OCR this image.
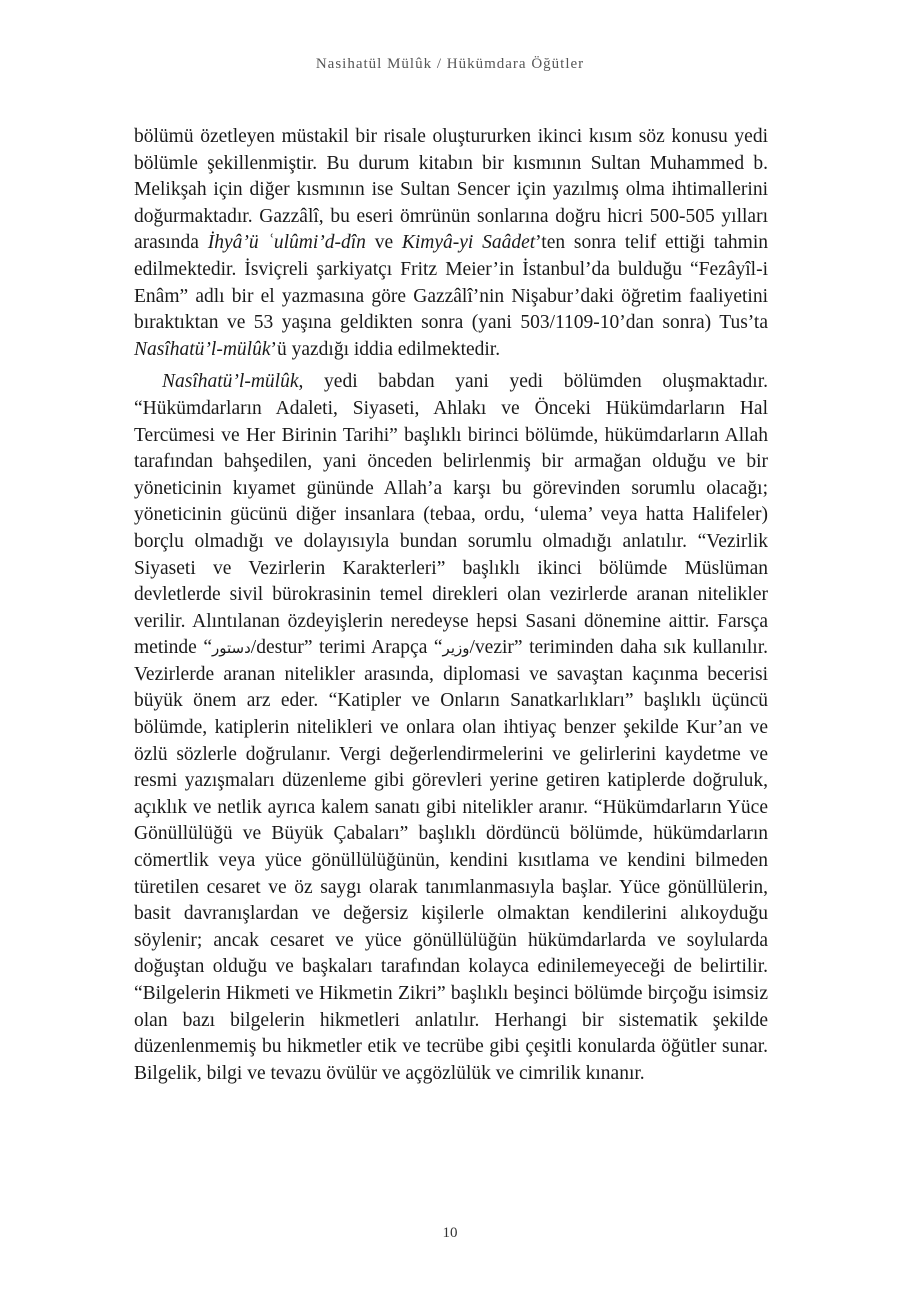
Nasihatül Mülûk / Hükümdara Öğütler

bölümü özetleyen müstakil bir risale oluştururken ikinci kısım söz konusu yedi bölümle şekillenmiştir. Bu durum kitabın bir kısmının Sultan Muhammed b. Melikşah için diğer kısmının ise Sultan Sencer için yazılmış olma ihtimallerini doğurmaktadır. Gazzâlî, bu eseri ömrünün sonlarına doğru hicri 500-505 yılları arasında İhyâ’ü ʿulûmi’d-dîn ve Kimyâ-yi Saâdet’ten sonra telif ettiği tahmin edilmektedir. İsviçreli şarkiyatçı Fritz Meier’in İstanbul’da bulduğu “Fezâyîl-i Enâm” adlı bir el yazmasına göre Gazzâlî’nin Nişabur’daki öğretim faaliyetini bıraktıktan ve 53 yaşına geldikten sonra (yani 503/1109-10’dan sonra) Tus’ta Nasîhatü’l-mülûk’ü yazdığı iddia edilmektedir.

Nasîhatü’l-mülûk, yedi babdan yani yedi bölümden oluşmaktadır. “Hükümdarların Adaleti, Siyaseti, Ahlakı ve Önceki Hükümdarların Hal Tercümesi ve Her Birinin Tarihi” başlıklı birinci bölümde, hükümdarların Allah tarafından bahşedilen, yani önceden belirlenmiş bir armağan olduğu ve bir yöneticinin kıyamet gününde Allah’a karşı bu görevinden sorumlu olacağı; yöneticinin gücünü diğer insanlara (tebaa, ordu, ‘ulema’ veya hatta Halifeler) borçlu olmadığı ve dolayısıyla bundan sorumlu olmadığı anlatılır. “Vezirlik Siyaseti ve Vezirlerin Karakterleri” başlıklı ikinci bölümde Müslüman devletlerde sivil bürokrasinin temel direkleri olan vezirlerde aranan nitelikler verilir. Alıntılanan özdeyişlerin neredeyse hepsi Sasani dönemine aittir. Farsça metinde “دستور/destur” terimi Arapça “وزیر/vezir” teriminden daha sık kullanılır. Vezirlerde aranan nitelikler arasında, diplomasi ve savaştan kaçınma becerisi büyük önem arz eder. “Katipler ve Onların Sanatkarlıkları” başlıklı üçüncü bölümde, katiplerin nitelikleri ve onlara olan ihtiyaç benzer şekilde Kur’an ve özlü sözlerle doğrulanır. Vergi değerlendirmelerini ve gelirlerini kaydetme ve resmi yazışmaları düzenleme gibi görevleri yerine getiren katiplerde doğruluk, açıklık ve netlik ayrıca kalem sanatı gibi nitelikler aranır. “Hükümdarların Yüce Gönüllülüğü ve Büyük Çabaları” başlıklı dördüncü bölümde, hükümdarların cömertlik veya yüce gönüllülüğünün, kendini kısıtlama ve kendini bilmeden türetilen cesaret ve öz saygı olarak tanımlanmasıyla başlar. Yüce gönüllülerin, basit davranışlardan ve değersiz kişilerle olmaktan kendilerini alıkoyduğu söylenir; ancak cesaret ve yüce gönüllülüğün hükümdarlarda ve soylularda doğuştan olduğu ve başkaları tarafından kolayca edinilemeyeceği de belirtilir. “Bilgelerin Hikmeti ve Hikmetin Zikri” başlıklı beşinci bölümde birçoğu isimsiz olan bazı bilgelerin hikmetleri anlatılır. Herhangi bir sistematik şekilde düzenlenmemiş bu hikmetler etik ve tecrübe gibi çeşitli konularda öğütler sunar. Bilgelik, bilgi ve tevazu övülür ve açgözlülük ve cimrilik kınanır.

10
